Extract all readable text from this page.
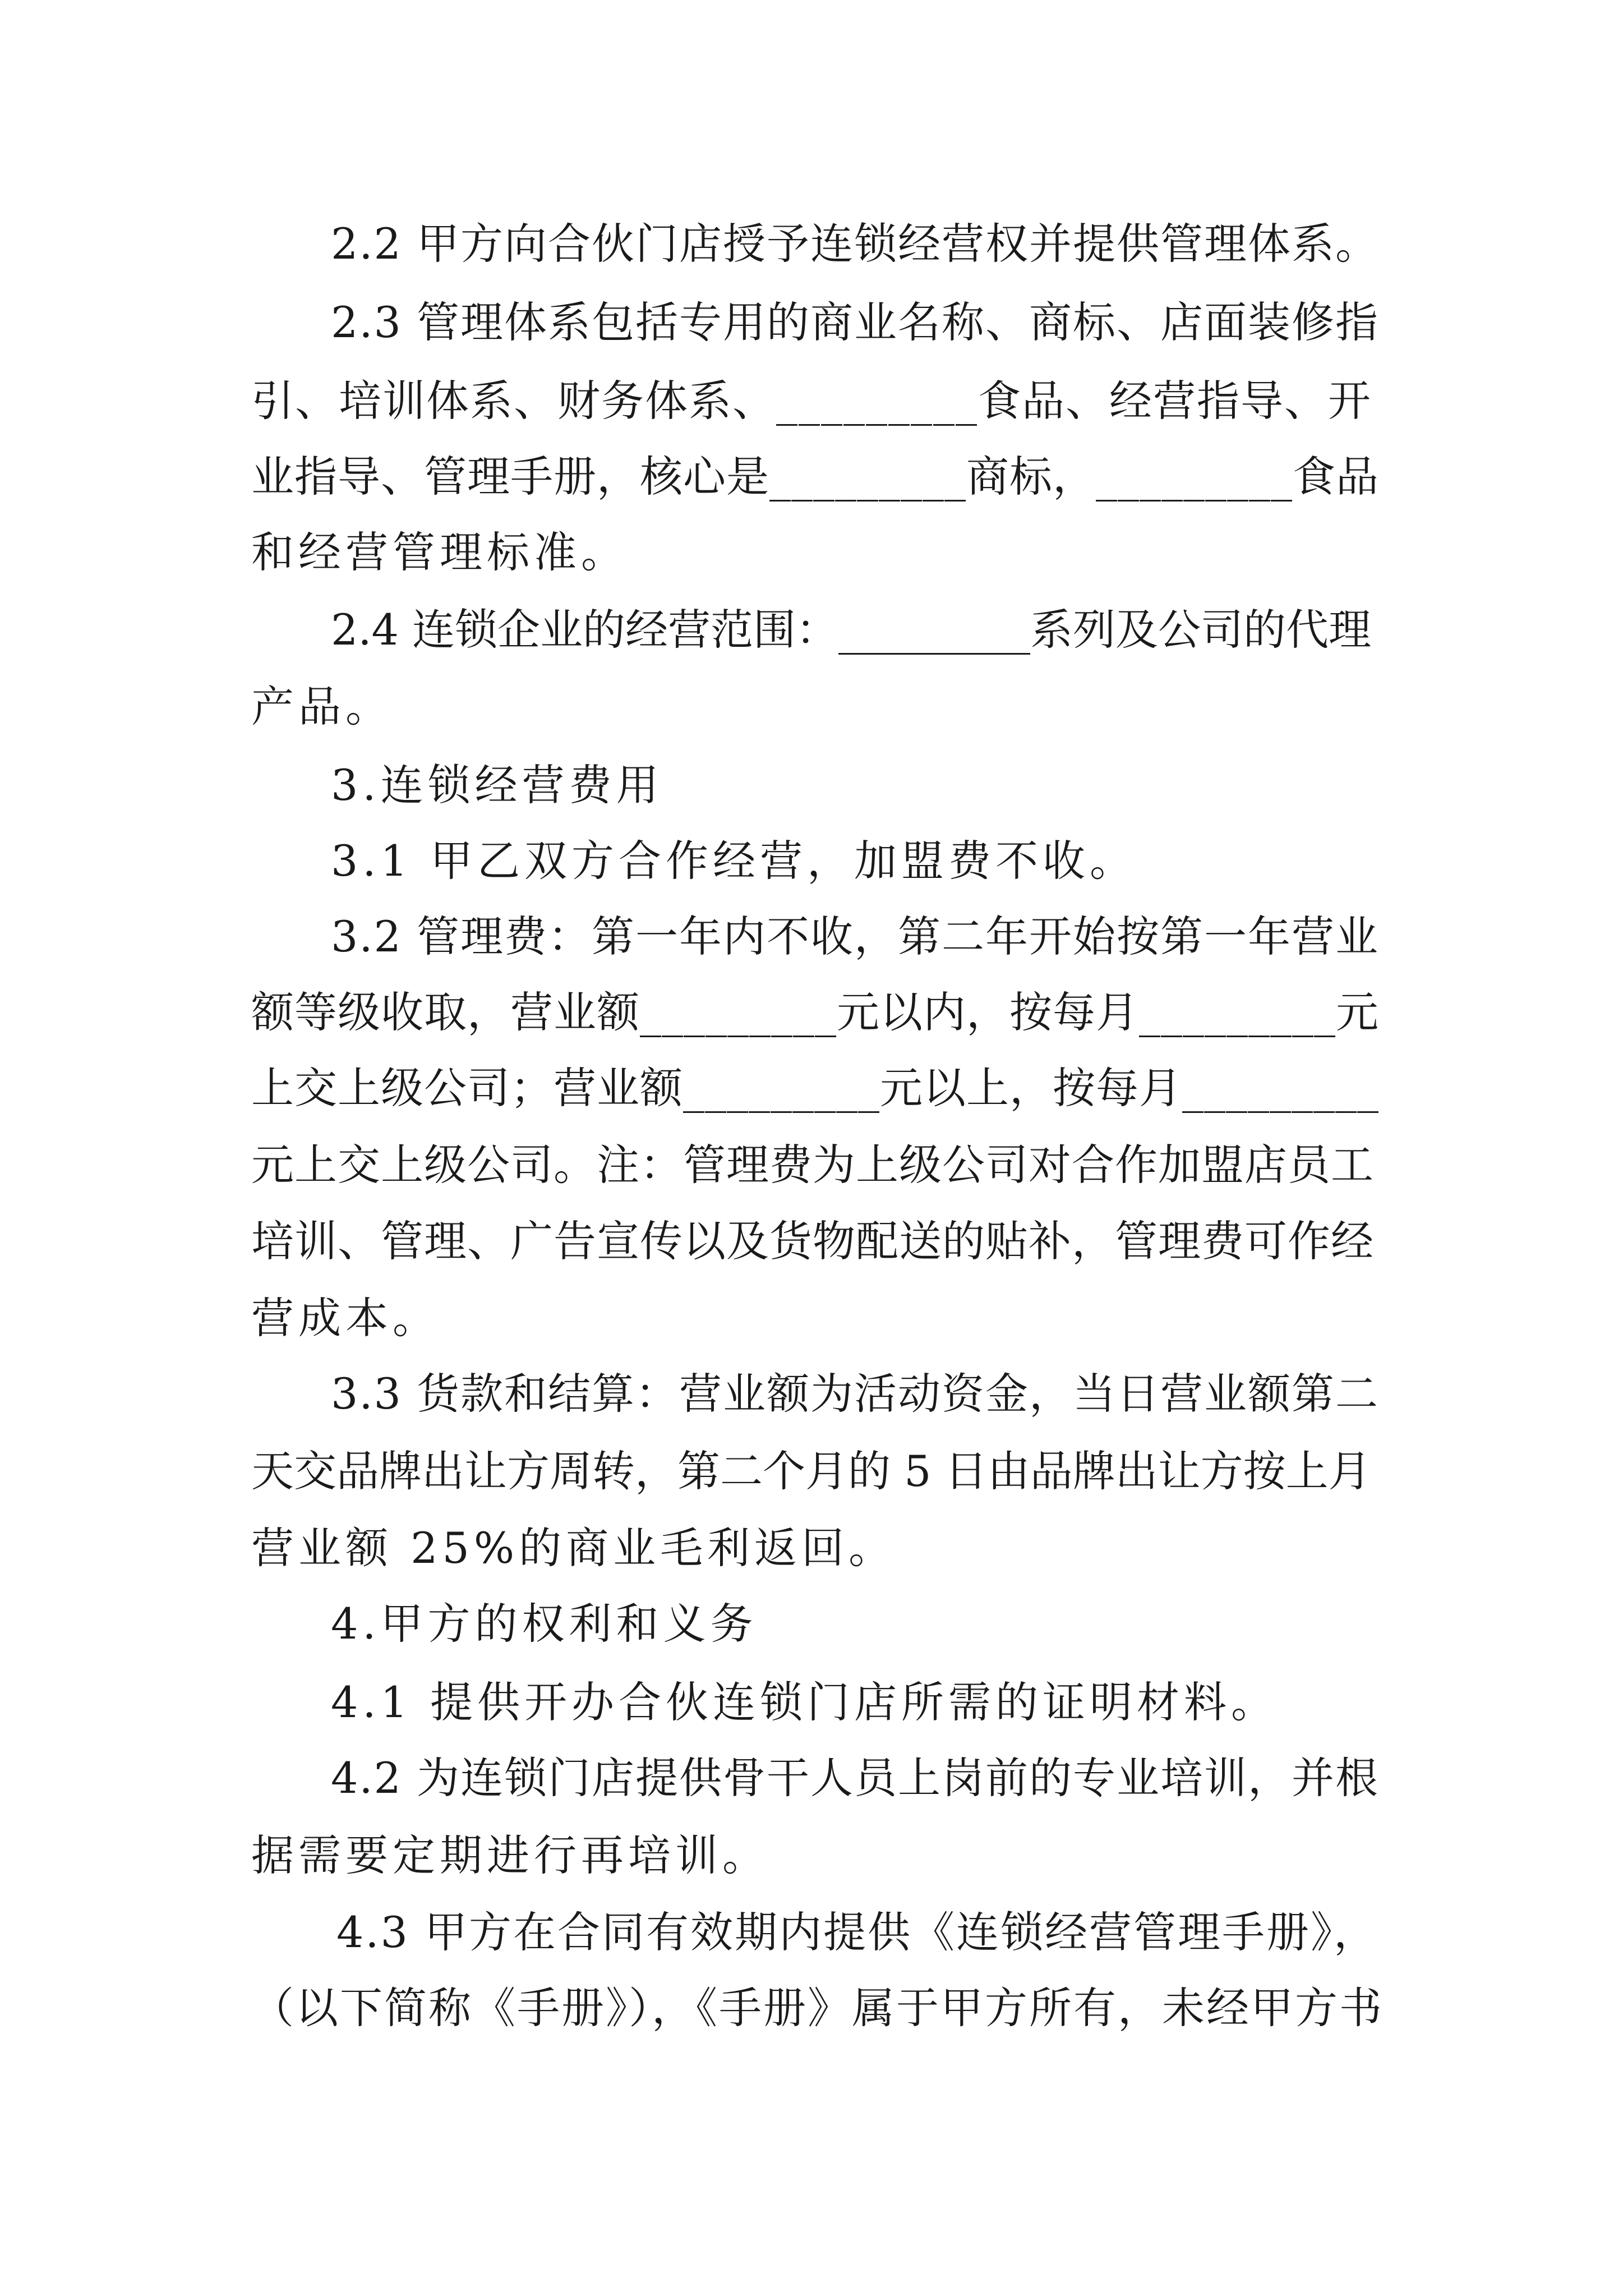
2.2 甲方向合伙门店授予连锁经营权并提供管理体系。

2.3 管理体系包括专用的商业名称、商标、店面装修指

引、培训体系、财务体系、_________食品、经营指导、开

业指导、管理手册，核心是_________商标，_________食品

和经营管理标准。

2.4 连锁企业的经营范围：_________系列及公司的代理

产品。

3.连锁经营费用

3.1 甲乙双方合作经营，加盟费不收。

3.2 管理费：第一年内不收，第二年开始按第一年营业

额等级收取，营业额_________元以内，按每月_________元

上交上级公司；营业额_________元以上，按每月_________

元上交上级公司。注：管理费为上级公司对合作加盟店员工

培训、管理、广告宣传以及货物配送的贴补，管理费可作经

营成本。

3.3 货款和结算：营业额为活动资金，当日营业额第二

天交品牌出让方周转，第二个月的 5 日由品牌出让方按上月

营业额 25%的商业毛利返回。

4.甲方的权利和义务

4.1 提供开办合伙连锁门店所需的证明材料。

4.2 为连锁门店提供骨干人员上岗前的专业培训，并根

据需要定期进行再培训。

4.3 甲方在合同有效期内提供《连锁经营管理手册》，

（以下简称《手册》），《手册》属于甲方所有，未经甲方书
